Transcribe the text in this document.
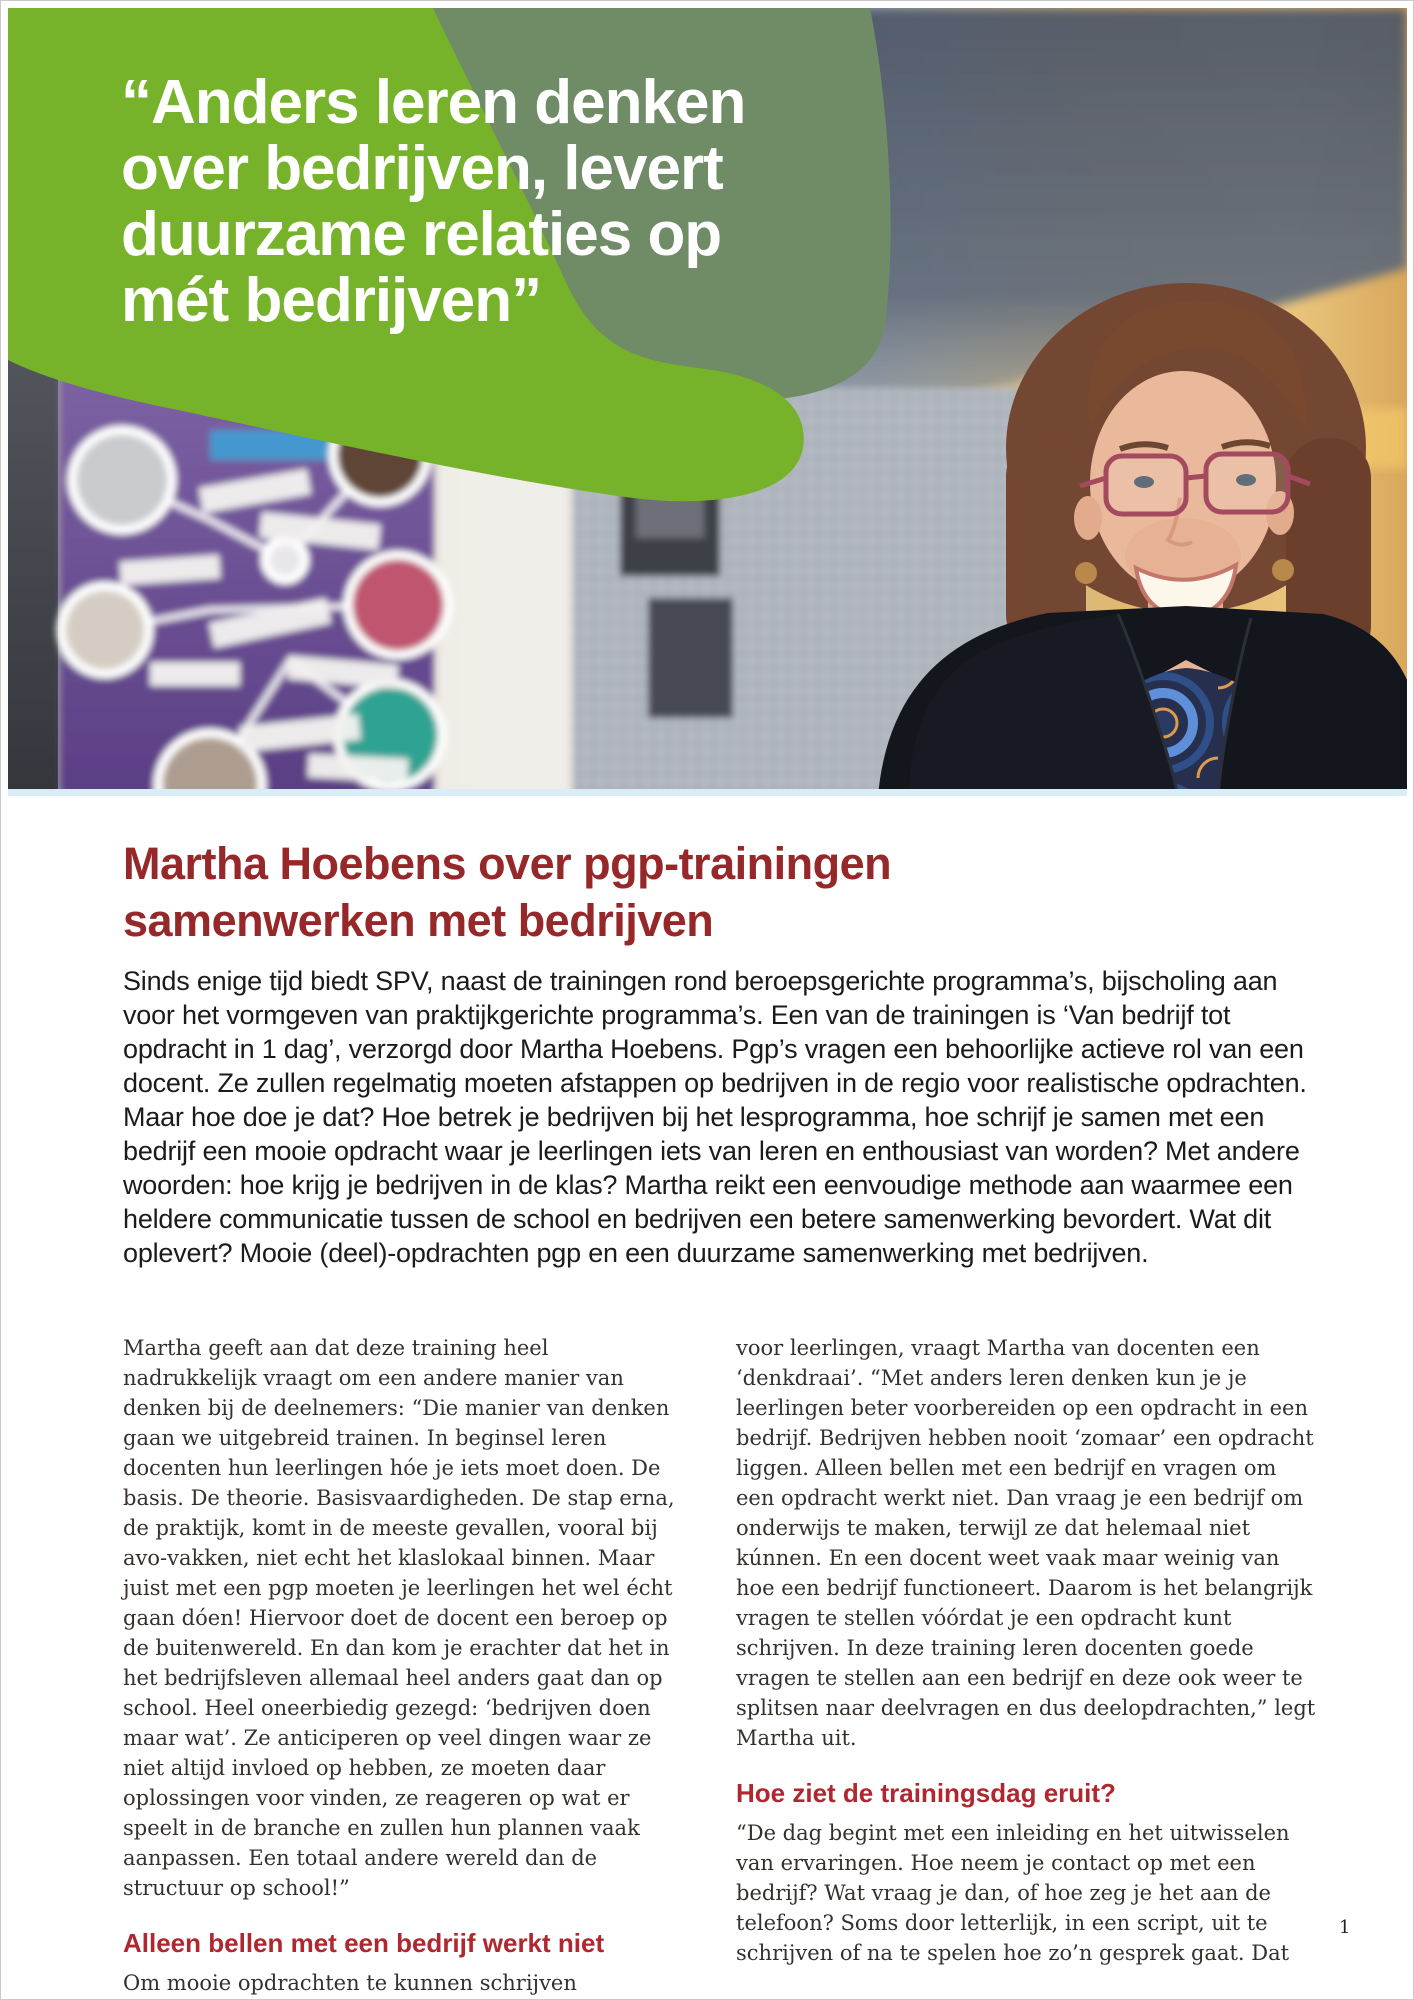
“Anders leren denken
over bedrijven, levert
duurzame relaties op
mét bedrijven”
Martha Hoebens over pgp-trainingen
samenwerken met bedrijven
Sinds enige tijd biedt SPV, naast de trainingen rond beroepsgerichte programma’s, bijscholing aan voor het vormgeven van praktijkgerichte programma’s. Een van de trainingen is ‘Van bedrijf tot opdracht in 1 dag’, verzorgd door Martha Hoebens. Pgp’s vragen een behoorlijke actieve rol van een docent. Ze zullen regelmatig moeten afstappen op bedrijven in de regio voor realistische opdrachten. Maar hoe doe je dat? Hoe betrek je bedrijven bij het lesprogramma, hoe schrijf je samen met een bedrijf een mooie opdracht waar je leerlingen iets van leren en enthousiast van worden? Met andere woorden: hoe krijg je bedrijven in de klas? Martha reikt een eenvoudige methode aan waarmee een heldere communicatie tussen de school en bedrijven een betere samenwerking bevordert. Wat dit oplevert? Mooie (deel)-opdrachten pgp en een duurzame samenwerking met bedrijven.

Martha geeft aan dat deze training heel nadrukkelijk vraagt om een andere manier van denken bij de deelnemers: “Die manier van denken gaan we uitgebreid trainen. In beginsel leren docenten hun leerlingen hóe je iets moet doen. De basis. De theorie. Basisvaardigheden. De stap erna, de praktijk, komt in de meeste gevallen, vooral bij avo-vakken, niet echt het klaslokaal binnen. Maar juist met een pgp moeten je leerlingen het wel écht gaan dóen! Hiervoor doet de docent een beroep op de buitenwereld. En dan kom je erachter dat het in het bedrijfsleven allemaal heel anders gaat dan op school. Heel oneerbiedig gezegd: ‘bedrijven doen maar wat’. Ze anticiperen op veel dingen waar ze niet altijd invloed op hebben, ze moeten daar oplossingen voor vinden, ze reageren op wat er speelt in de branche en zullen hun plannen vaak aanpassen. Een totaal andere wereld dan de structuur op school!”

Alleen bellen met een bedrijf werkt niet

Om mooie opdrachten te kunnen schrijven

voor leerlingen, vraagt Martha van docenten een ‘denkdraai’. “Met anders leren denken kun je je leerlingen beter voorbereiden op een opdracht in een bedrijf. Bedrijven hebben nooit ‘zomaar’ een opdracht liggen. Alleen bellen met een bedrijf en vragen om een opdracht werkt niet. Dan vraag je een bedrijf om onderwijs te maken, terwijl ze dat helemaal niet kúnnen. En een docent weet vaak maar weinig van hoe een bedrijf functioneert. Daarom is het belangrijk vragen te stellen vóórdat je een opdracht kunt schrijven. In deze training leren docenten goede vragen te stellen aan een bedrijf en deze ook weer te splitsen naar deelvragen en dus deelopdrachten,” legt Martha uit.

Hoe ziet de trainingsdag eruit?

“De dag begint met een inleiding en het uitwisselen van ervaringen. Hoe neem je contact op met een bedrijf? Wat vraag je dan, of hoe zeg je het aan de telefoon? Soms door letterlijk, in een script, uit te schrijven of na te spelen hoe zo’n gesprek gaat. Dat

1
